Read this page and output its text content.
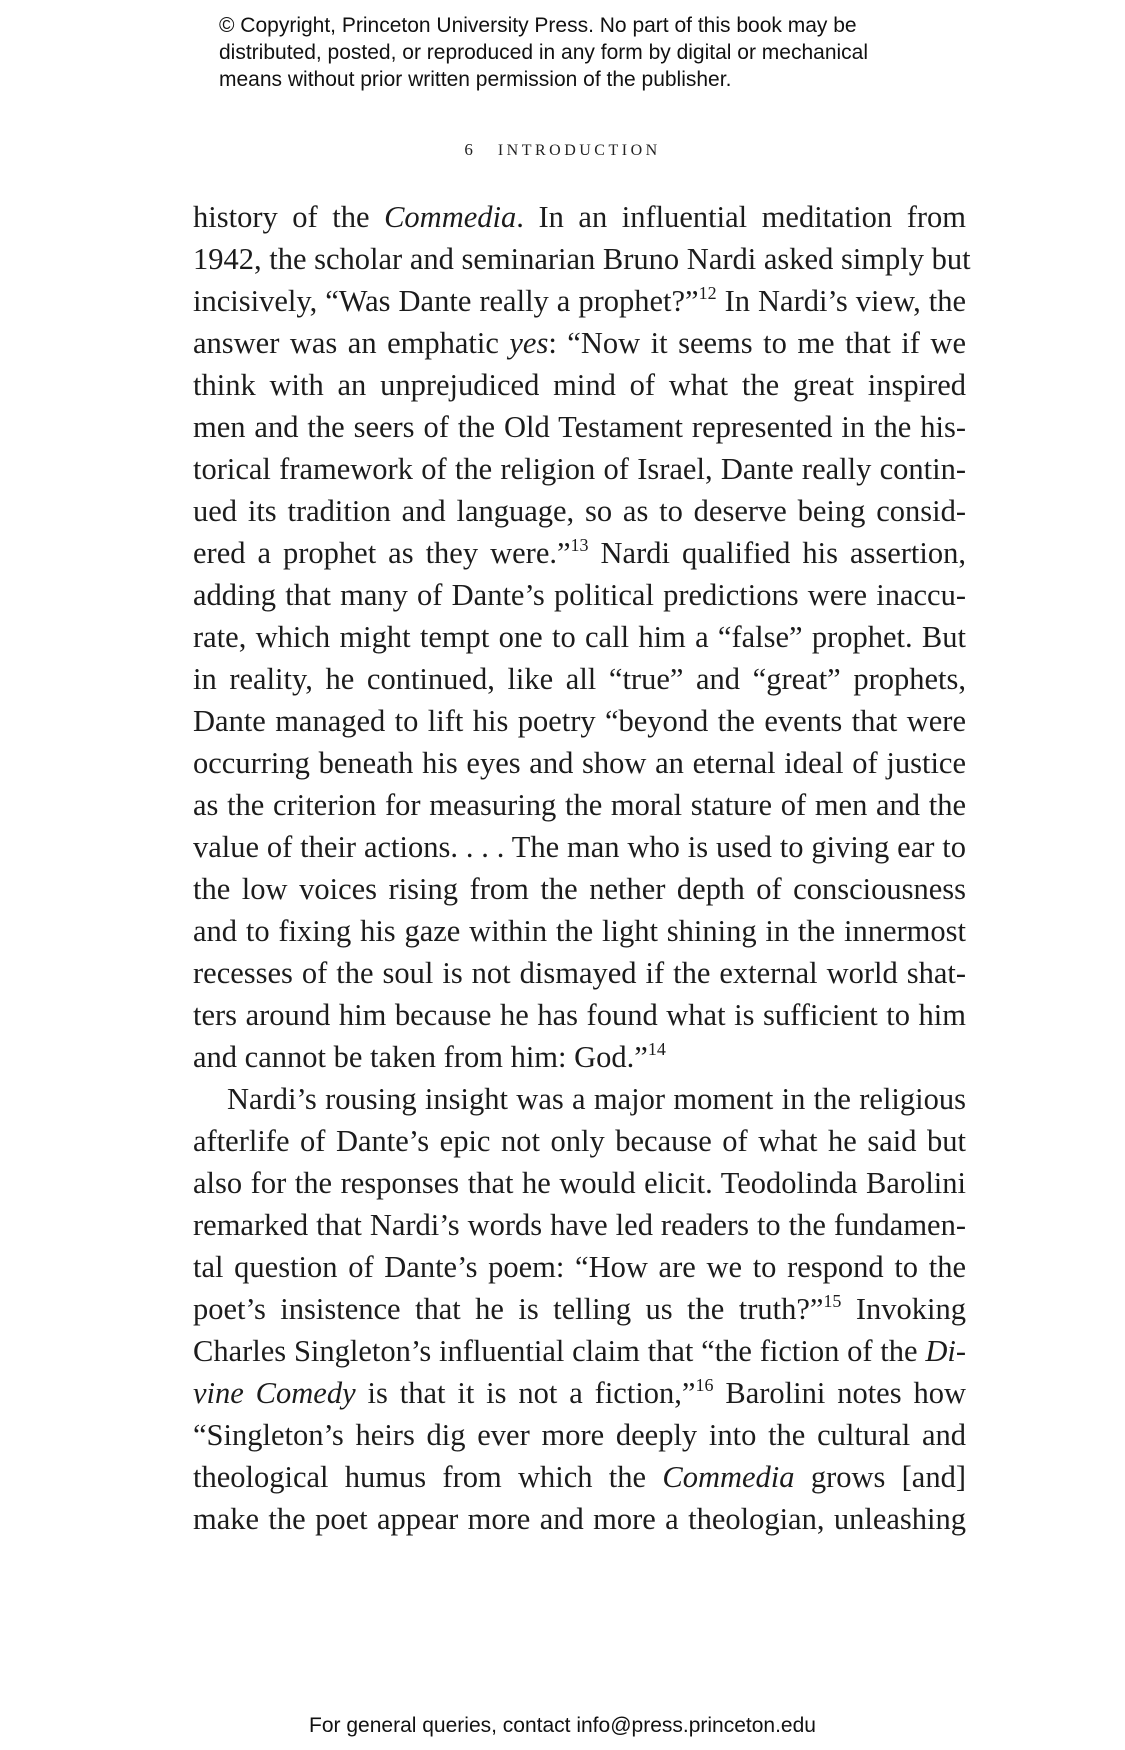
© Copyright, Princeton University Press. No part of this book may be
distributed, posted, or reproduced in any form by digital or mechanical
means without prior written permission of the publisher.
6 INTRODUCTION
history of the Commedia. In an influential meditation from
1942, the scholar and seminarian Bruno Nardi asked simply but
incisively, “Was Dante really a prophet?”$^{12}$ In Nardi’s view, the
answer was an emphatic yes: “Now it seems to me that if we
think with an unprejudiced mind of what the great inspired
men and the seers of the Old Testament represented in the his-
torical framework of the religion of Israel, Dante really contin-
ued its tradition and language, so as to deserve being consid-
ered a prophet as they were.”$^{13}$ Nardi qualified his assertion,
adding that many of Dante’s political predictions were inaccu-
rate, which might tempt one to call him a “false” prophet. But
in reality, he continued, like all “true” and “great” prophets,
Dante managed to lift his poetry “beyond the events that were
occurring beneath his eyes and show an eternal ideal of justice
as the criterion for measuring the moral stature of men and the
value of their actions. . . . The man who is used to giving ear to
the low voices rising from the nether depth of consciousness
and to fixing his gaze within the light shining in the innermost
recesses of the soul is not dismayed if the external world shat-
ters around him because he has found what is sufficient to him
and cannot be taken from him: God.”$^{14}$
Nardi’s rousing insight was a major moment in the religious
afterlife of Dante’s epic not only because of what he said but
also for the responses that he would elicit. Teodolinda Barolini
remarked that Nardi’s words have led readers to the fundamen-
tal question of Dante’s poem: “How are we to respond to the
poet’s insistence that he is telling us the truth?”$^{15}$ Invoking
Charles Singleton’s influential claim that “the fiction of the Di-
vine Comedy is that it is not a fiction,”$^{16}$ Barolini notes how
“Singleton’s heirs dig ever more deeply into the cultural and
theological humus from which the Commedia grows [and]
make the poet appear more and more a theologian, unleashing
For general queries, contact info@press.princeton.edu
